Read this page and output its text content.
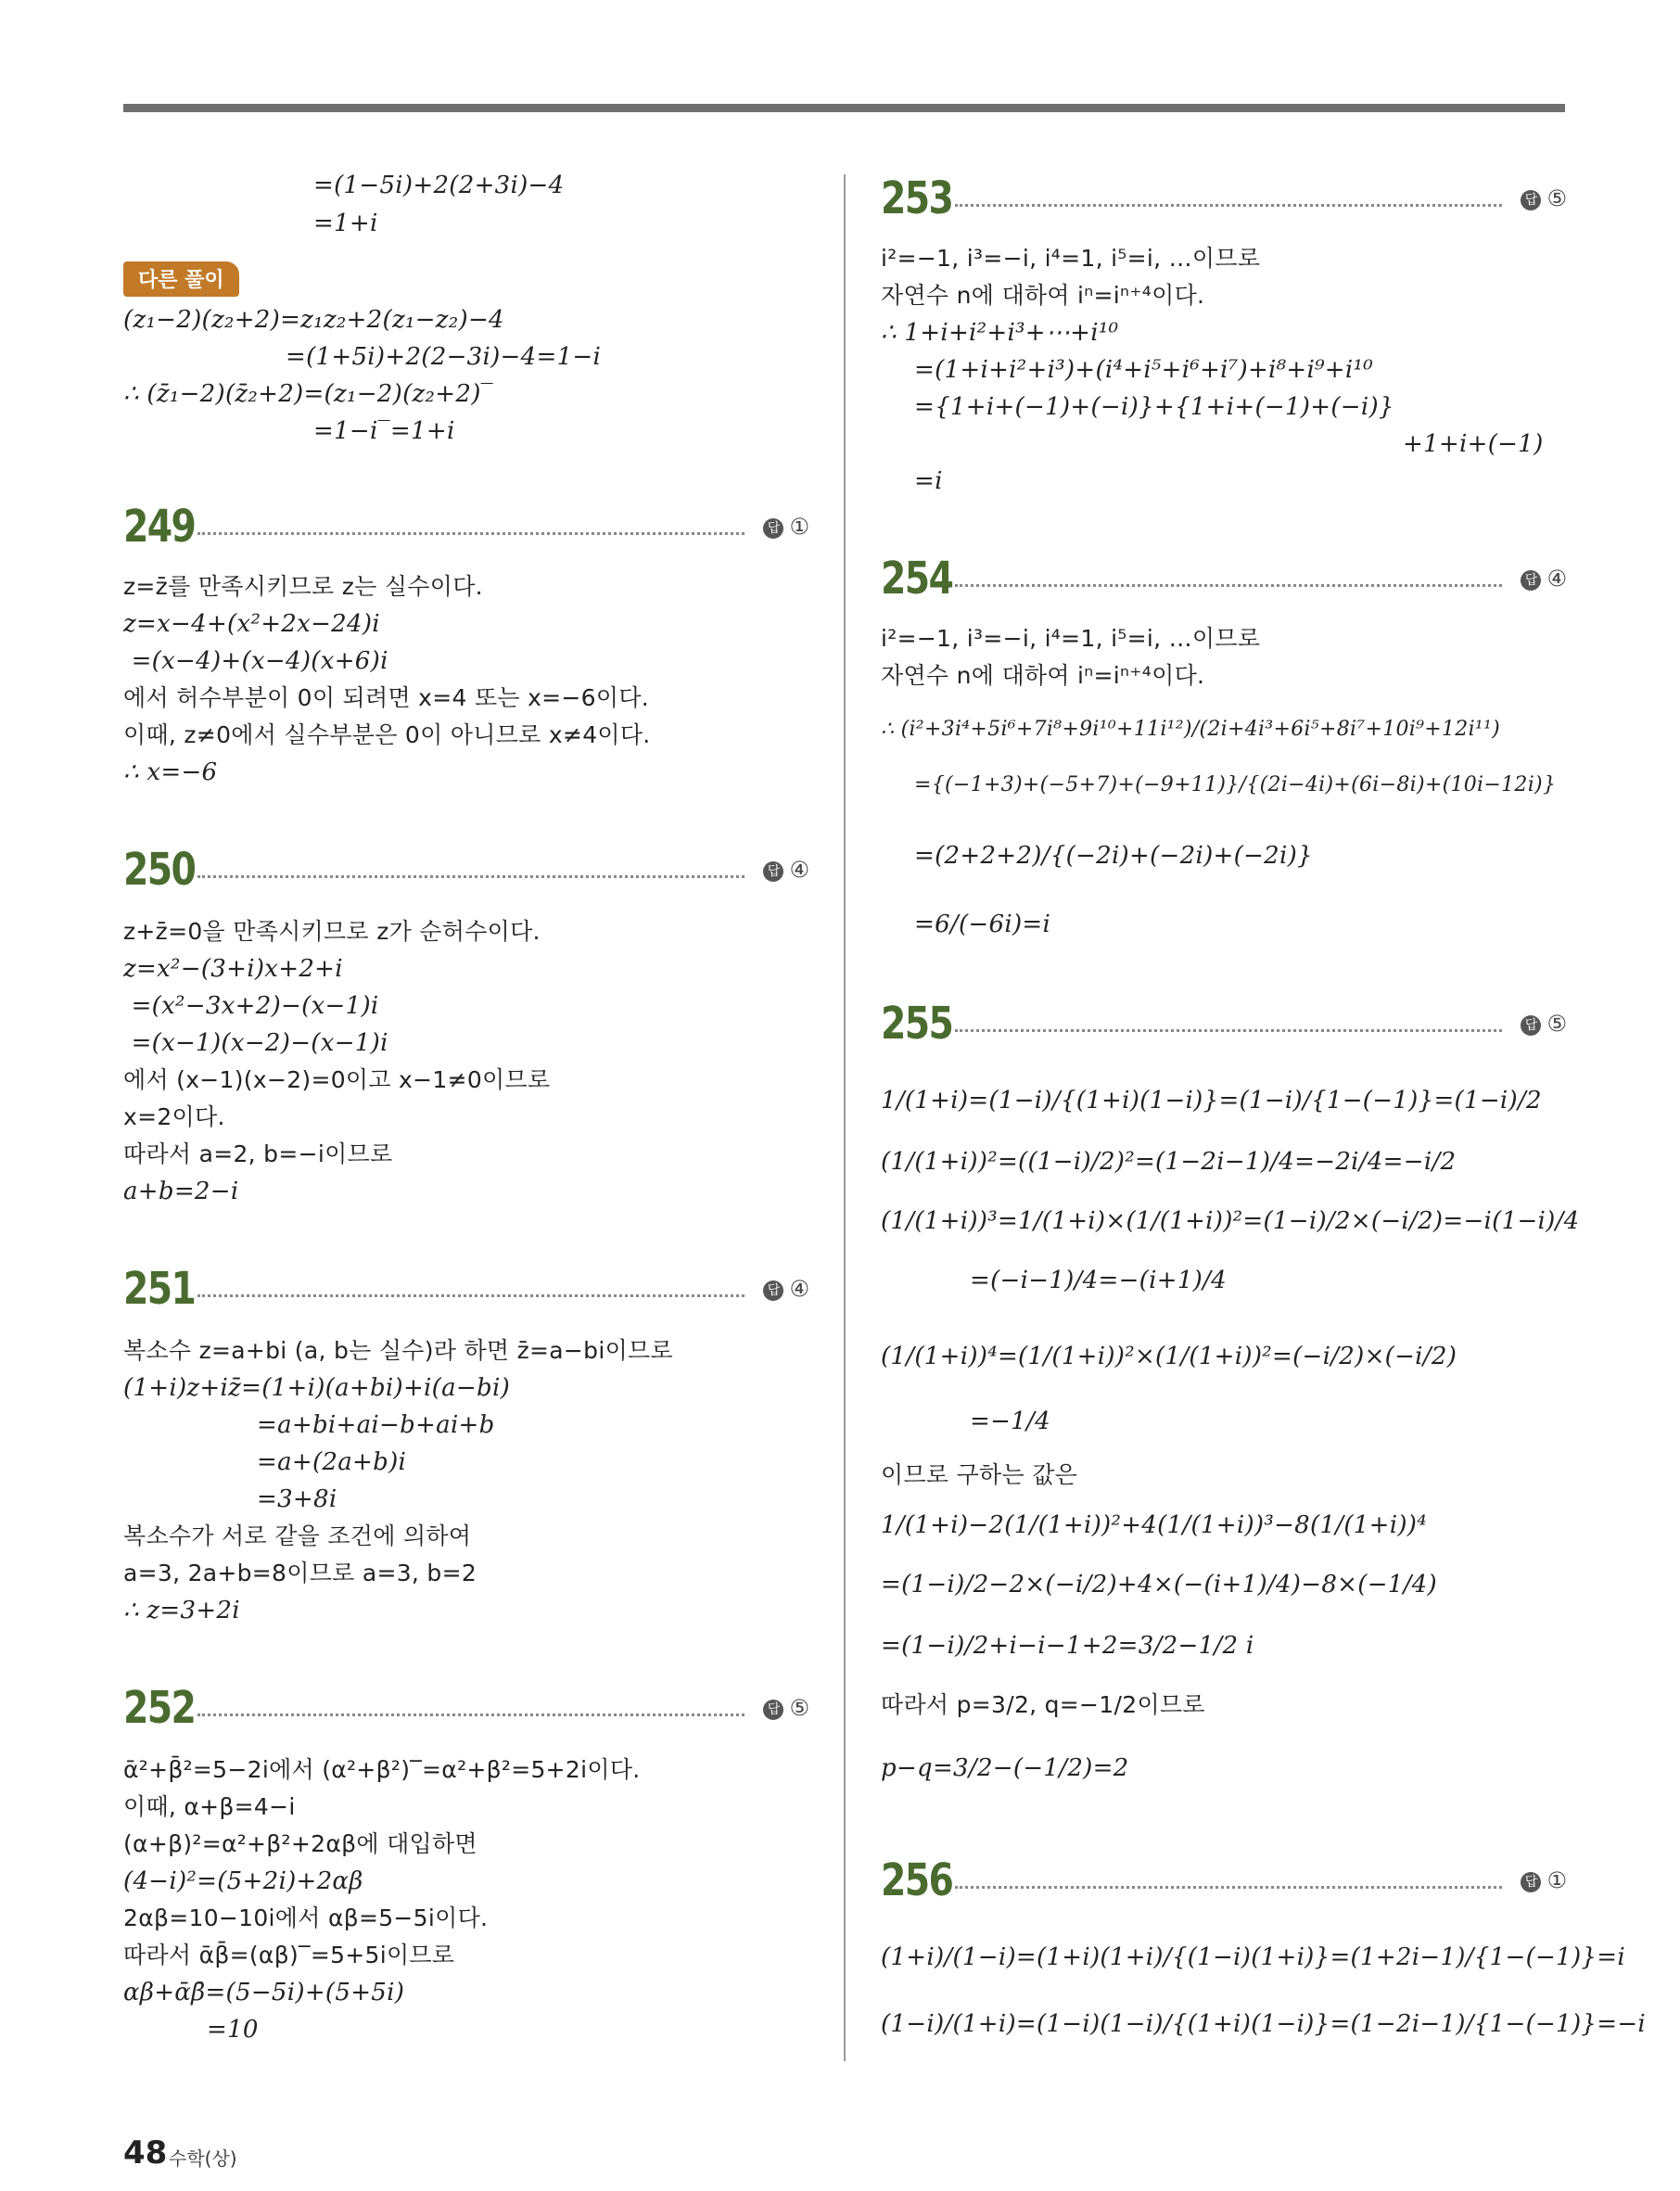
=(1−5i)+2(2+3i)−4
=1+i
다른 풀이
(z₁−2)(z₂+2)=z₁z₂+2(z₁−z₂)−4
=(1+5i)+2(2−3i)−4=1−i
∴ (z̄₁−2)(z̄₂+2)=(z₁−2)(z₂+2)‾
=1−i‾=1+i
249	답 ①
z=z̄를 만족시키므로 z는 실수이다.
z=x−4+(x²+2x−24)i
=(x−4)+(x−4)(x+6)i
에서 허수부분이 0이 되려면 x=4 또는 x=−6이다.
이때, z≠0에서 실수부분은 0이 아니므로 x≠4이다.
∴ x=−6
250	답 ④
z+z̄=0을 만족시키므로 z가 순허수이다.
z=x²−(3+i)x+2+i
=(x²−3x+2)−(x−1)i
=(x−1)(x−2)−(x−1)i
에서 (x−1)(x−2)=0이고 x−1≠0이므로
x=2이다.
따라서 a=2, b=−i이므로
a+b=2−i
251	답 ④
복소수 z=a+bi (a, b는 실수)라 하면 z̄=a−bi이므로
(1+i)z+iz̄=(1+i)(a+bi)+i(a−bi)
=a+bi+ai−b+ai+b
=a+(2a+b)i
=3+8i
복소수가 서로 같을 조건에 의하여
a=3, 2a+b=8이므로 a=3, b=2
∴ z=3+2i
252	답 ⑤
ᾱ²+β̄²=5−2i에서 (α²+β²)‾=α²+β²=5+2i이다.
이때, α+β=4−i
(α+β)²=α²+β²+2αβ에 대입하면
(4−i)²=(5+2i)+2αβ
2αβ=10−10i에서 αβ=5−5i이다.
따라서 ᾱβ̄=(αβ)‾=5+5i이므로
αβ+ᾱβ̄=(5−5i)+(5+5i)
=10
253	답 ⑤
i²=−1, i³=−i, i⁴=1, i⁵=i, …이므로
자연수 n에 대하여 iⁿ=iⁿ⁺⁴이다.
∴ 1+i+i²+i³+⋯+i¹⁰
=(1+i+i²+i³)+(i⁴+i⁵+i⁶+i⁷)+i⁸+i⁹+i¹⁰
={1+i+(−1)+(−i)}+{1+i+(−1)+(−i)}
+1+i+(−1)
=i
254	답 ④
i²=−1, i³=−i, i⁴=1, i⁵=i, …이므로
자연수 n에 대하여 iⁿ=iⁿ⁺⁴이다.
∴ (i²+3i⁴+5i⁶+7i⁸+9i¹⁰+11i¹²)/(2i+4i³+6i⁵+8i⁷+10i⁹+12i¹¹)
={(−1+3)+(−5+7)+(−9+11)}/{(2i−4i)+(6i−8i)+(10i−12i)}
=(2+2+2)/{(−2i)+(−2i)+(−2i)}
=6/(−6i)=i
255	답 ⑤
1/(1+i)=(1−i)/{(1+i)(1−i)}=(1−i)/{1−(−1)}=(1−i)/2
(1/(1+i))²=((1−i)/2)²=(1−2i−1)/4=−2i/4=−i/2
(1/(1+i))³=1/(1+i)×(1/(1+i))²=(1−i)/2×(−i/2)=−i(1−i)/4
=(−i−1)/4=−(i+1)/4
(1/(1+i))⁴=(1/(1+i))²×(1/(1+i))²=(−i/2)×(−i/2)
=−1/4
이므로 구하는 값은
1/(1+i)−2(1/(1+i))²+4(1/(1+i))³−8(1/(1+i))⁴
=(1−i)/2−2×(−i/2)+4×(−(i+1)/4)−8×(−1/4)
=(1−i)/2+i−i−1+2=3/2−1/2 i
따라서 p=3/2, q=−1/2이므로
p−q=3/2−(−1/2)=2
256	답 ①
(1+i)/(1−i)=(1+i)(1+i)/{(1−i)(1+i)}=(1+2i−1)/{1−(−1)}=i
(1−i)/(1+i)=(1−i)(1−i)/{(1+i)(1−i)}=(1−2i−1)/{1−(−1)}=−i
48 수학(상)
